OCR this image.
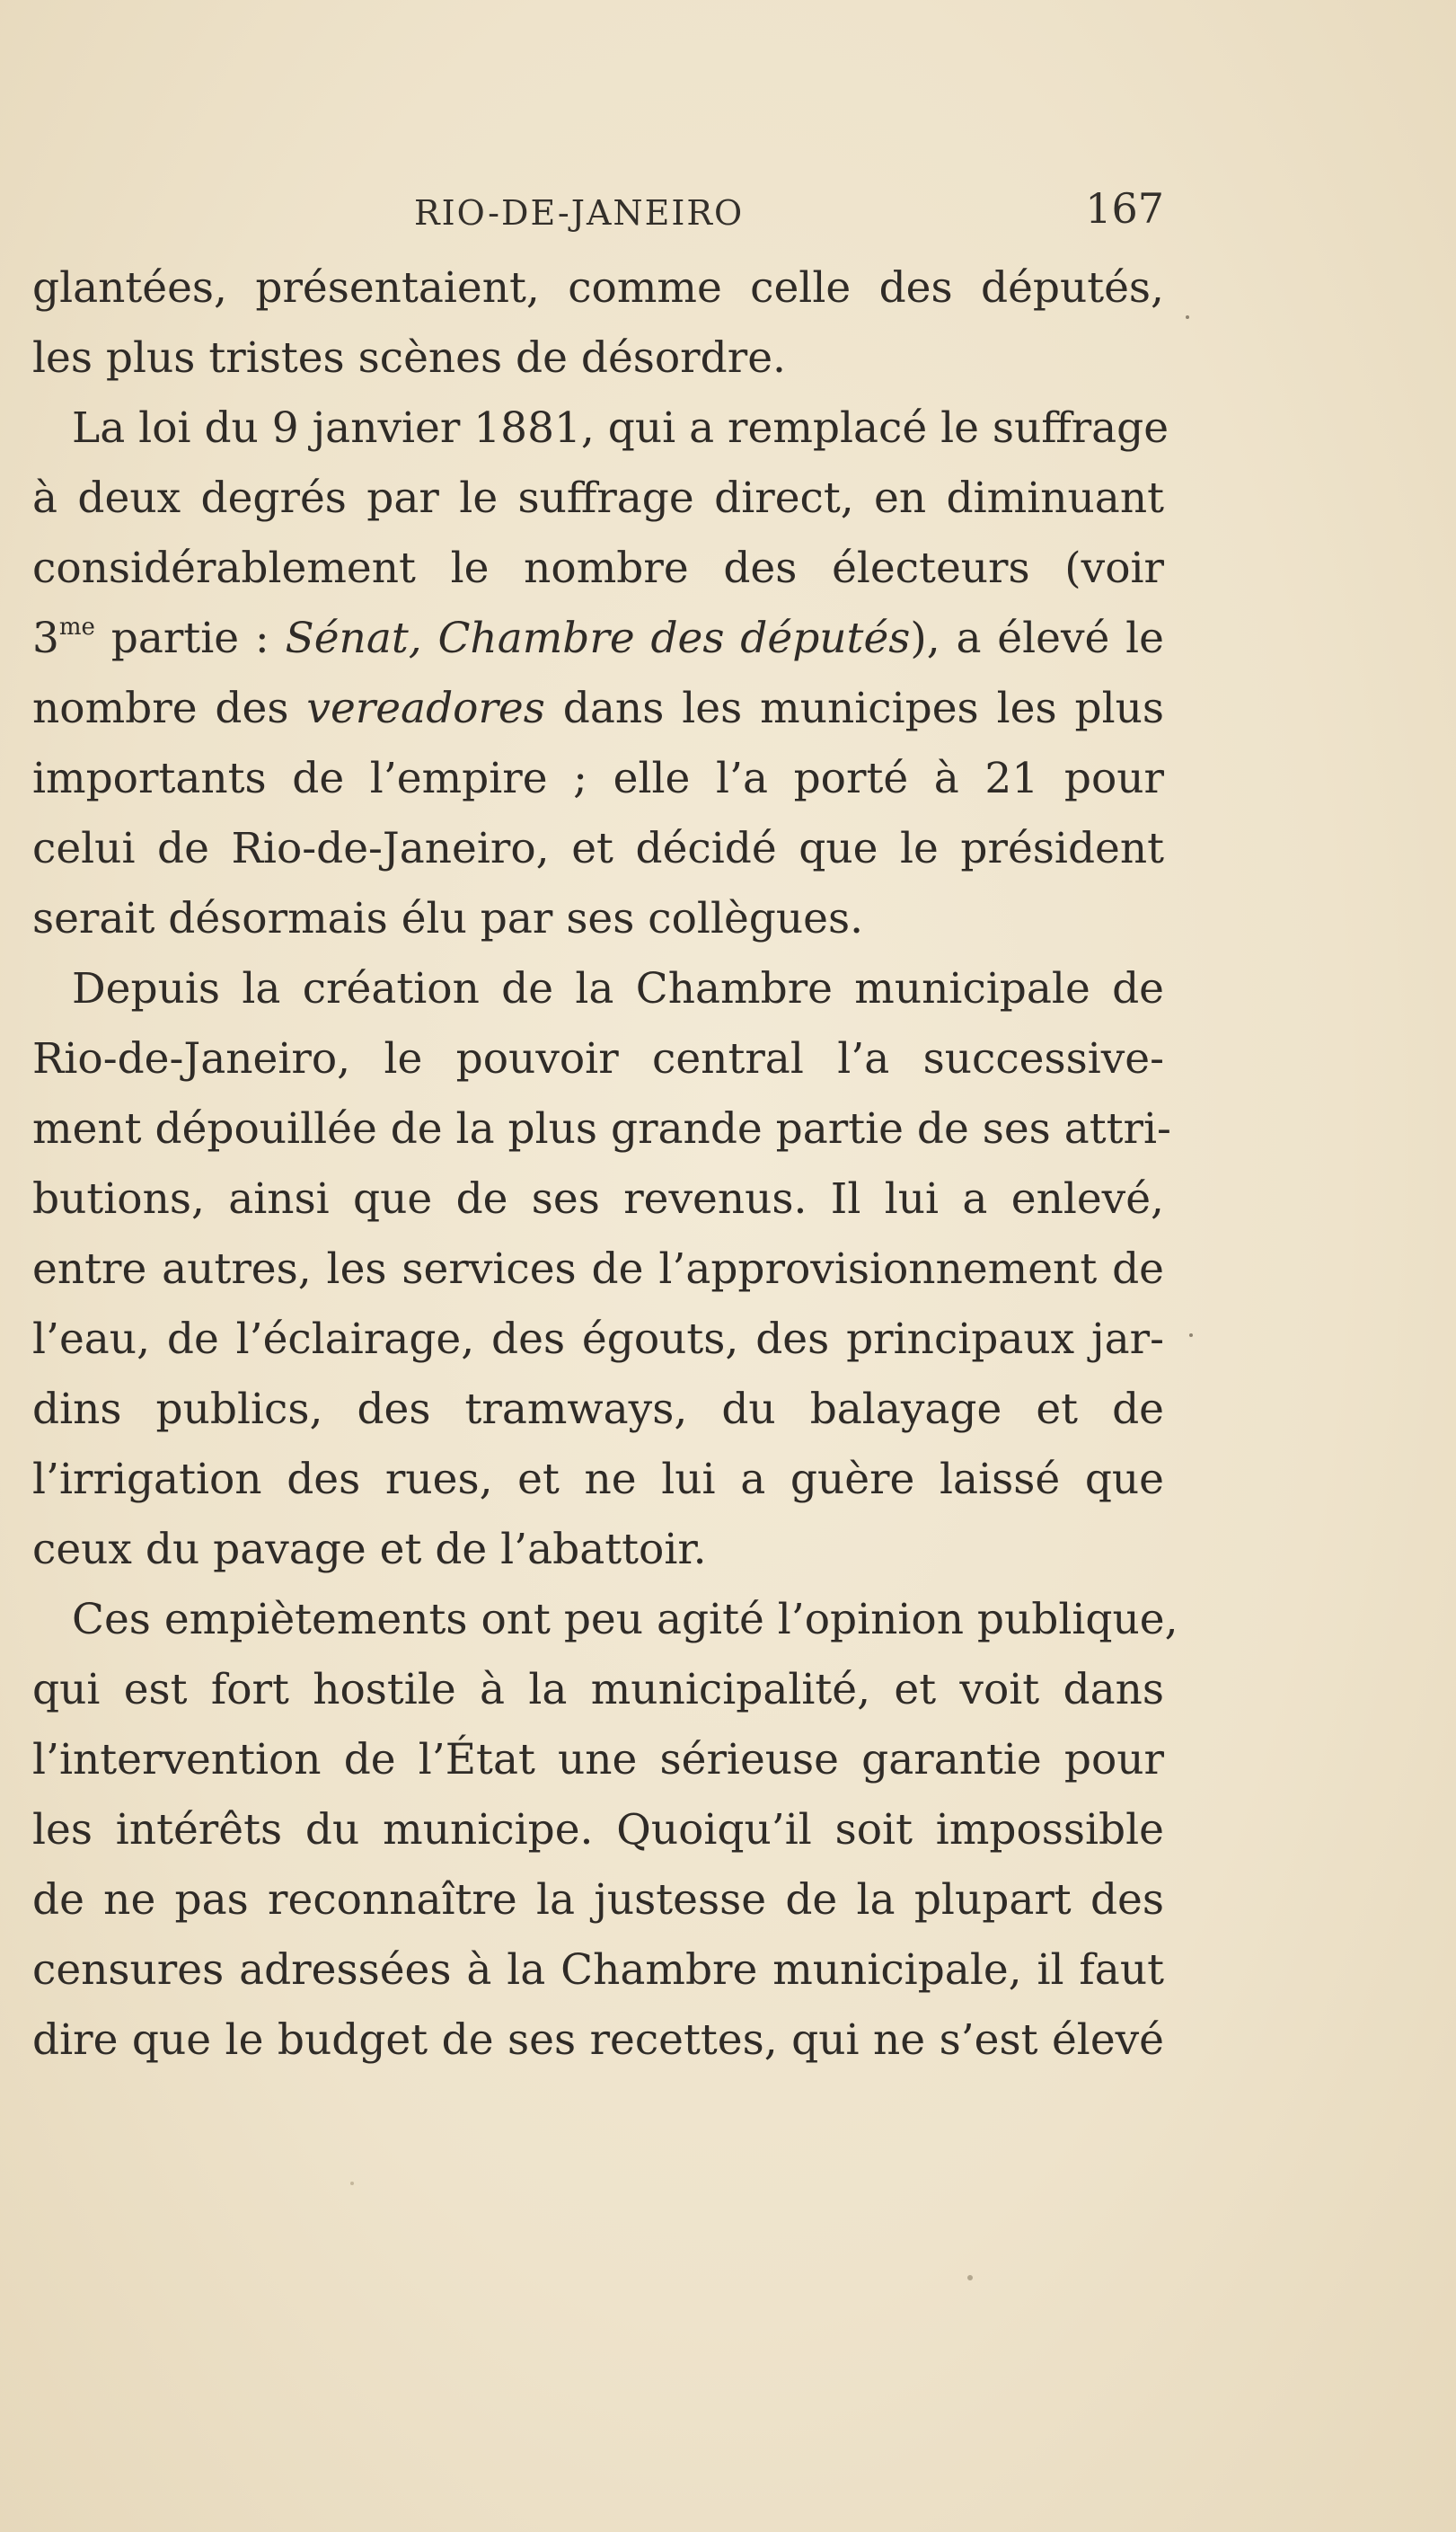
RIO-DE-JANEIRO	167
glantées, présentaient, comme celle des députés,
les plus tristes scènes de désordre.
La loi du 9 janvier 1881, qui a remplacé le suffrage
à deux degrés par le suffrage direct, en diminuant
considérablement le nombre des électeurs (voir
$3^{me}$ partie : Sénat, Chambre des députés), a élevé le
nombre des vereadores dans les municipes les plus
importants de l’empire ; elle l’a porté à 21 pour
celui de Rio-de-Janeiro, et décidé que le président
serait désormais élu par ses collègues.
Depuis la création de la Chambre municipale de
Rio-de-Janeiro, le pouvoir central l’a successive-
ment dépouillée de la plus grande partie de ses attri-
butions, ainsi que de ses revenus. Il lui a enlevé,
entre autres, les services de l’approvisionnement de
l’eau, de l’éclairage, des égouts, des principaux jar-
dins publics, des tramways, du balayage et de
l’irrigation des rues, et ne lui a guère laissé que
ceux du pavage et de l’abattoir.
Ces empiètements ont peu agité l’opinion publique,
qui est fort hostile à la municipalité, et voit dans
l’intervention de l’État une sérieuse garantie pour
les intérêts du municipe. Quoiqu’il soit impossible
de ne pas reconnaître la justesse de la plupart des
censures adressées à la Chambre municipale, il faut
dire que le budget de ses recettes, qui ne s’est élevé
